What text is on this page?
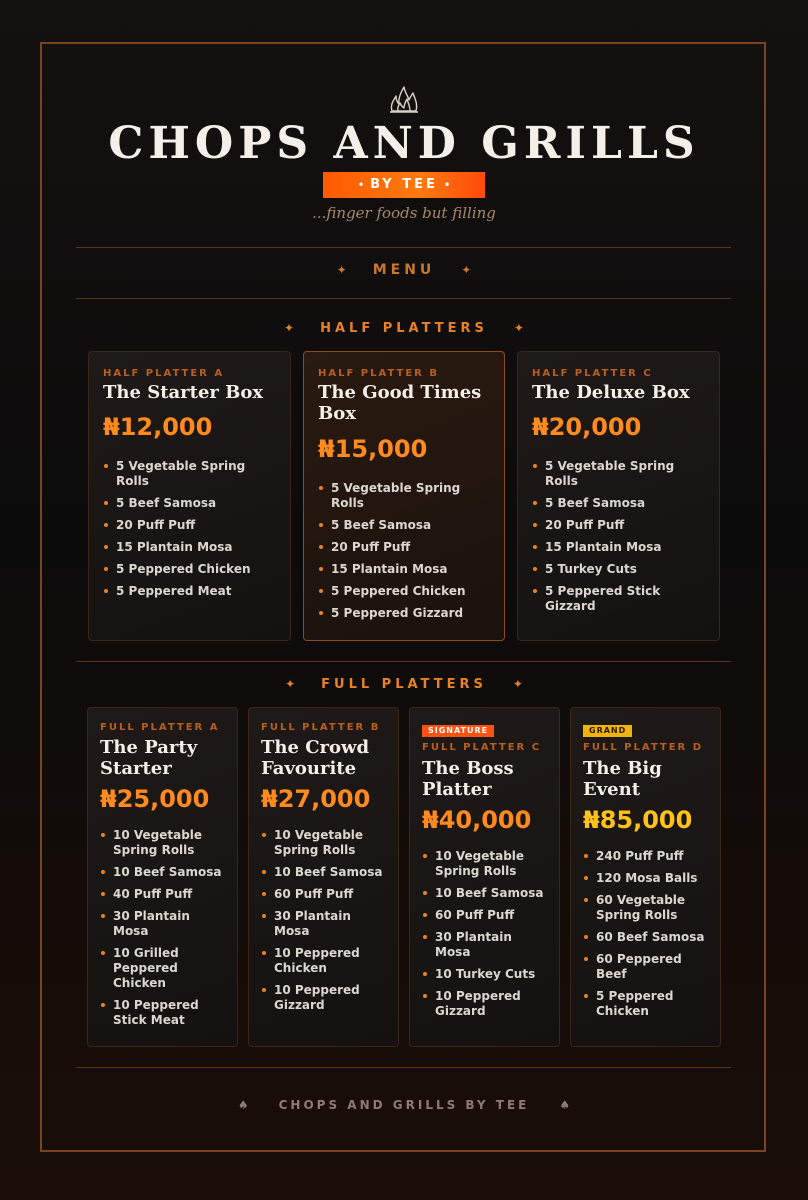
CHOPS AND GRILLS
• BY TEE •
...finger foods but filling
✦ MENU ✦
✦ HALF PLATTERS ✦
HALF PLATTER A
The Starter Box
₦12,000
5 Vegetable Spring Rolls
5 Beef Samosa
20 Puff Puff
15 Plantain Mosa
5 Peppered Chicken
5 Peppered Meat
HALF PLATTER B
The Good Times Box
₦15,000
5 Vegetable Spring Rolls
5 Beef Samosa
20 Puff Puff
15 Plantain Mosa
5 Peppered Chicken
5 Peppered Gizzard
HALF PLATTER C
The Deluxe Box
₦20,000
5 Vegetable Spring Rolls
5 Beef Samosa
20 Puff Puff
15 Plantain Mosa
5 Turkey Cuts
5 Peppered Stick Gizzard
✦ FULL PLATTERS ✦
FULL PLATTER A
The Party Starter
₦25,000
10 Vegetable Spring Rolls
10 Beef Samosa
40 Puff Puff
30 Plantain Mosa
10 Grilled Peppered Chicken
10 Peppered Stick Meat
FULL PLATTER B
The Crowd Favourite
₦27,000
10 Vegetable Spring Rolls
10 Beef Samosa
60 Puff Puff
30 Plantain Mosa
10 Peppered Chicken
10 Peppered Gizzard
SIGNATURE
FULL PLATTER C
The Boss Platter
₦40,000
10 Vegetable Spring Rolls
10 Beef Samosa
60 Puff Puff
30 Plantain Mosa
10 Turkey Cuts
10 Peppered Gizzard
GRAND
FULL PLATTER D
The Big Event
₦85,000
240 Puff Puff
120 Mosa Balls
60 Vegetable Spring Rolls
60 Beef Samosa
60 Peppered Beef
5 Peppered Chicken
♠	CHOPS AND GRILLS BY TEE	♠
